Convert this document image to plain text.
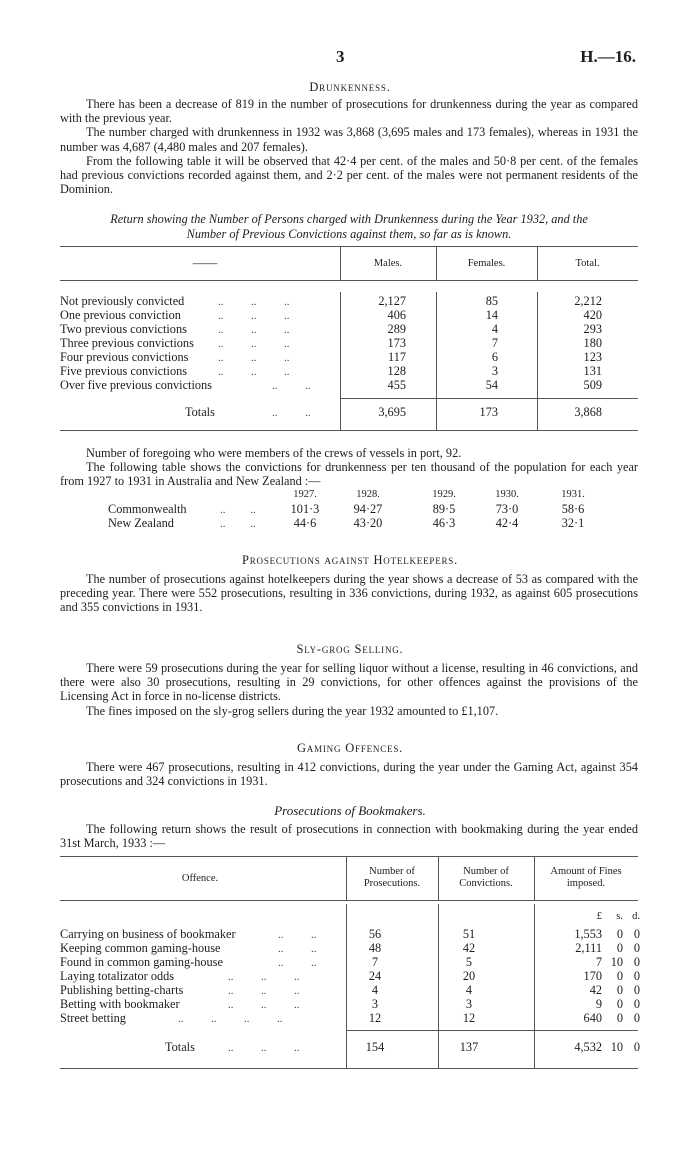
3	H.—16.
Drunkenness.

There has been a decrease of 819 in the number of prosecutions for drunkenness during the year as compared with the previous year.

The number charged with drunkenness in 1932 was 3,868 (3,695 males and 173 females), whereas in 1931 the number was 4,687 (4,480 males and 207 females).

From the following table it will be observed that 42·4 per cent. of the males and 50·8 per cent. of the females had previous convictions recorded against them, and 2·2 per cent. of the males were not permanent residents of the Dominion.

Return showing the Number of Persons charged with Drunkenness during the Year 1932, and the
Number of Previous Convictions against them, so far as is known.
——	Males.	Females.	Total.
Not previously convicted	..          ..          ..	2,127	85	2,212
One previous conviction	..          ..          ..	406	14	420
Two previous convictions	..          ..          ..	289	4	293
Three previous convictions ..          ..          ..	173	7	180
Four previous convictions	..          ..          ..	117	6	123
Five previous convictions	..          ..          ..	128	3	131
Over five previous convictions	..          ..	455	54	509
Totals	..          ..	3,695	173	3,868

Number of foregoing who were members of the crews of vessels in port, 92.

The following table shows the convictions for drunkenness per ten thousand of the population for each year from 1927 to 1931 in Australia and New Zealand :—

1927.	1928.	1929.	1930.	1931.
Commonwealth	..         ..	101·3	94·27	89·5	73·0	58·6
New Zealand	..         ..	44·6	43·20	46·3	42·4	32·1
Prosecutions against Hotelkeepers.

The number of prosecutions against hotelkeepers during the year shows a decrease of 53 as compared with the preceding year. There were 552 prosecutions, resulting in 336 convictions, during 1932, as against 605 prosecutions and 355 convictions in 1931.

Sly-grog Selling.

There were 59 prosecutions during the year for selling liquor without a license, resulting in 46 convictions, and there were also 30 prosecutions, resulting in 29 convictions, for other offences against the provisions of the Licensing Act in force in no-license districts.

The fines imposed on the sly-grog sellers during the year 1932 amounted to £1,107.

Gaming Offences.

There were 467 prosecutions, resulting in 412 convictions, during the year under the Gaming Act, against 354 prosecutions and 324 convictions in 1931.

Prosecutions of Bookmakers.

The following return shows the result of prosecutions in connection with bookmaking during the year ended 31st March, 1933 :—

Offence.
Number of
Prosecutions.
Number of
Convictions.
Amount of Fines
imposed.
£	s. d.
Carrying on business of bookmaker	..          ..	56	51	1,553	0 0
Keeping common gaming-house	..          ..	48	42	2,111	0 0
Found in common gaming-house	..          ..	7	5	7 10 0
Laying totalizator odds	..          ..          ..	24	20	170	0 0
Publishing betting-charts	..          ..          ..	4	4	42	0 0
Betting with bookmaker	..          ..          ..	3	3	9	0 0
Street betting	..          ..          ..          ..	12	12	640	0 0
Totals	..          ..          ..	154	137	4,532 10 0
